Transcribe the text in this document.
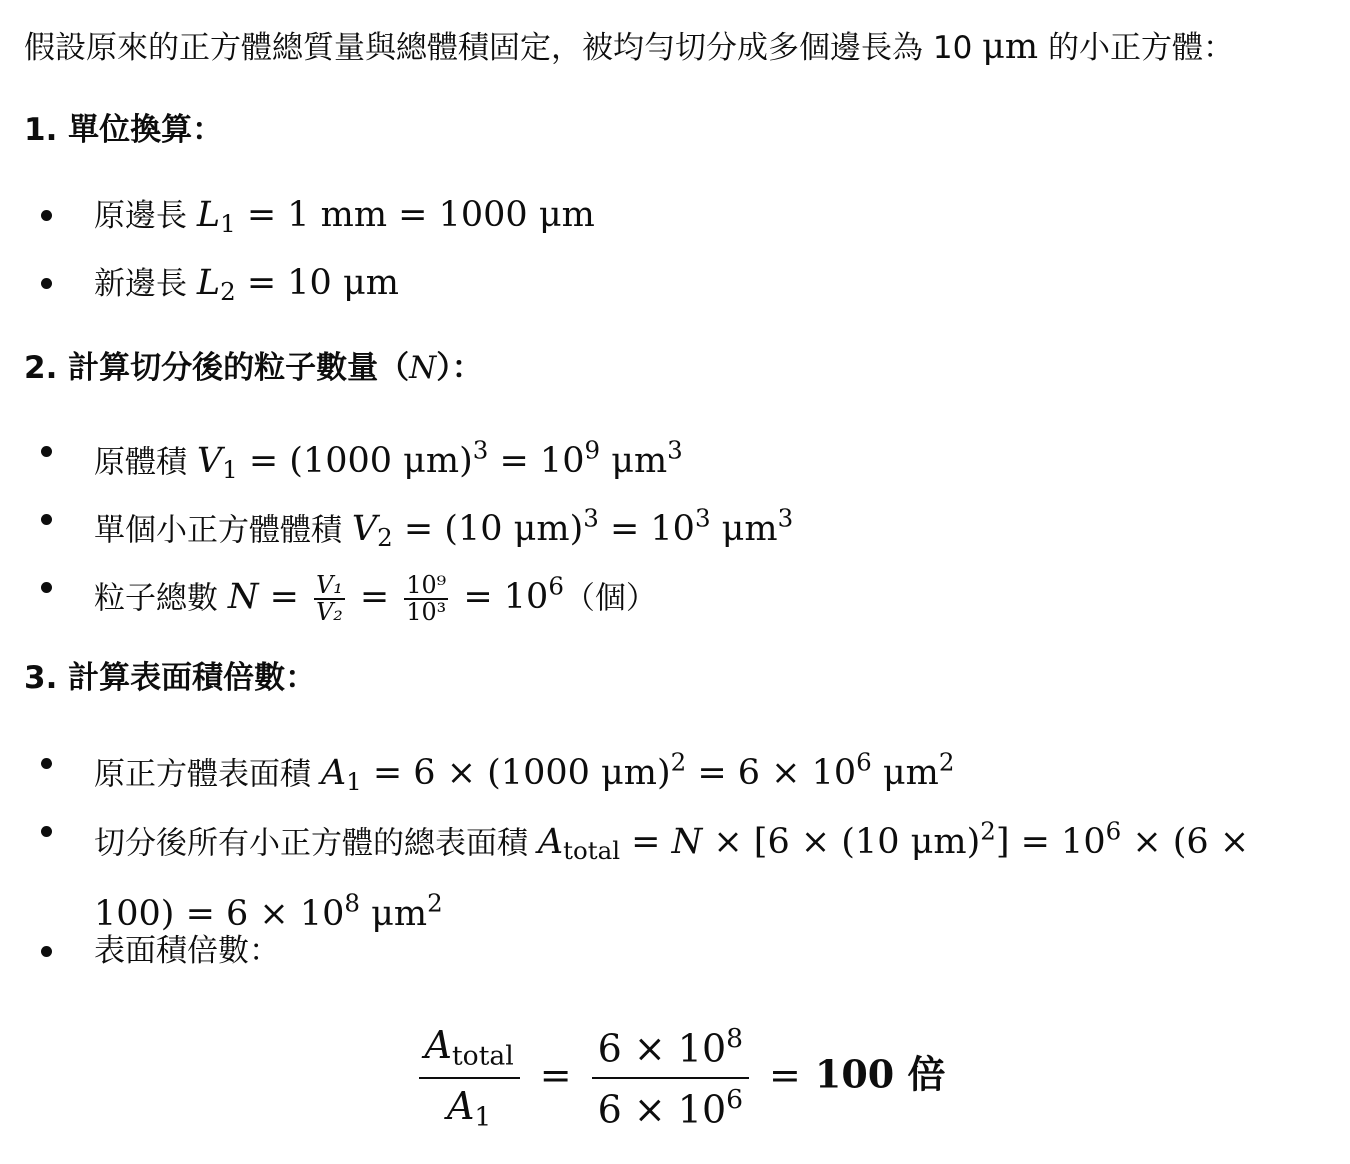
假設原來的正方體總質量與總體積固定，被均勻切分成多個邊長為 10 μm 的小正方體：
1. 單位換算：
原邊長 $L_1 = 1$ mm = 1000 μm
新邊長 $L_2 = 10$ μm
2. 計算切分後的粒子數量（N）：
原體積 $V_1 = (1000$ $\mu m)^3 = 10^9$ $\mu m^3$
單個小正方體體積 $V_2 = (10$ $\mu m)^3 = 10^3$ $\mu m^3$
粒子總數 $N = \frac{\text{V₁}}{\text{V₂}} = \frac{\text{10⁹}}{\text{10³}} = 10^6$（個）
3. 計算表面積倍數：
原正方體表面積 $A_1 = 6 \times (1000$ $\mu m)^2 = 6 \times 10^6$ $\mu m^2$
切分後所有小正方體的總表面積 $A_{total} = N \times [6 \times (10$ $\mu m)^2] = 10^6 \times (6 \times 100) = 6 \times 10^8$ $\mu m^2$
表面積倍數：
$\frac{A_{total}}{A_1} = \frac{6 \times 10^8}{6 \times 10^6} = 100$ 倍
